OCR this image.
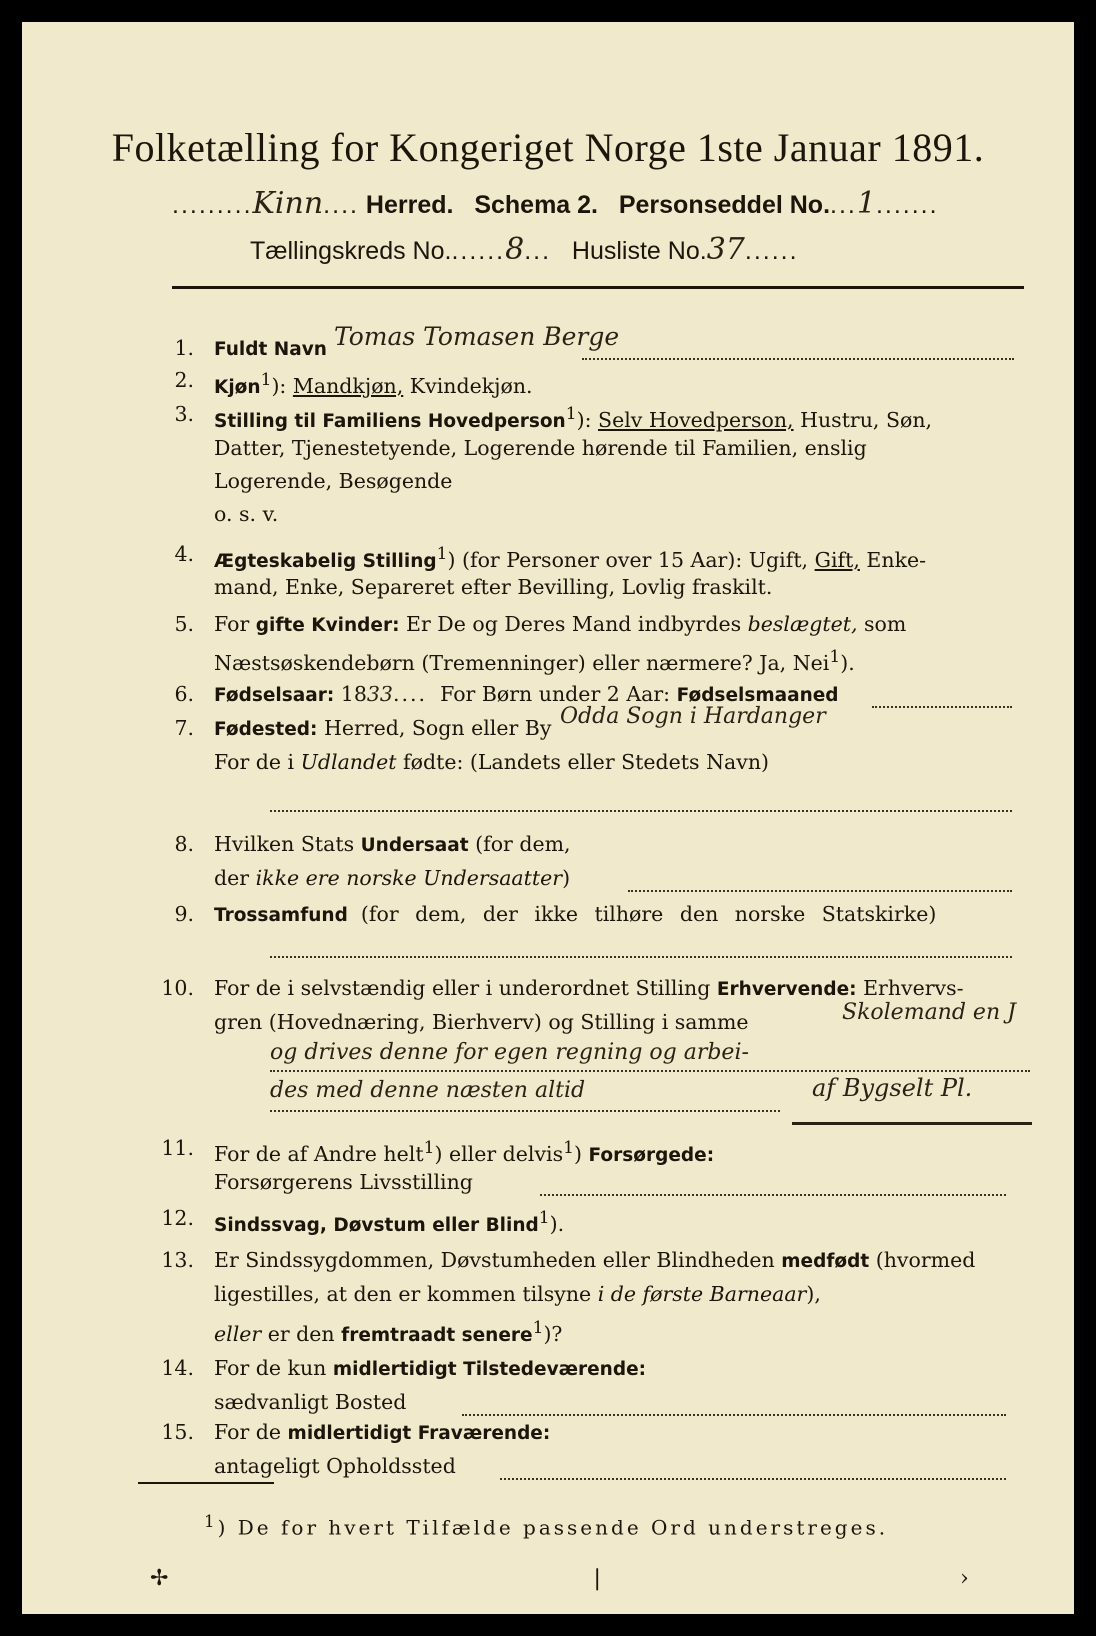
Folketælling for Kongeriget Norge 1ste Januar 1891.
.........Kinn.... Herred. Schema 2. Personseddel No....1.......
Tællingskreds No.......8... Husliste No.37......
1. Fuldt Navn Tomas Tomasen Berge
2. Kjøn$^1$): Mandkjøn, Kvindekjøn.
3. Stilling til Familiens Hovedperson$^1$): Selv Hovedperson, Hustru, Søn,
Datter, Tjenestetyende, Logerende hørende til Familien, enslig
Logerende, Besøgende
o. s. v.
4. Ægteskabelig Stilling$^1$) (for Personer over 15 Aar): Ugift, Gift, Enke-
mand, Enke, Separeret efter Bevilling, Lovlig fraskilt.
5. For gifte Kvinder: Er De og Deres Mand indbyrdes beslægtet, som
Næstsøskendebørn (Tremenninger) eller nærmere? Ja, Nei$^1$).
6. Fødselsaar: 1833.... For Børn under 2 Aar: Fødselsmaaned
7. Fødested: Herred, Sogn eller By Odda Sogn i Hardanger
For de i Udlandet fødte: (Landets eller Stedets Navn)
8. Hvilken Stats Undersaat (for dem,
der ikke ere norske Undersaatter)
9. Trossamfund (for dem, der ikke tilhøre den norske Statskirke)
10. For de i selvstændig eller i underordnet Stilling Erhvervende: Erhvervs-
gren (Hovednæring, Bierhverv) og Stilling i samme	Skolemand en J
og drives denne for egen regning og arbei-
des med denne næsten altid	af Bygselt Pl.
11. For de af Andre helt$^1$) eller delvis$^1$) Forsørgede:
Forsørgerens Livsstilling
12. Sindssvag, Døvstum eller Blind$^1$).
13. Er Sindssygdommen, Døvstumheden eller Blindheden medfødt (hvormed
ligestilles, at den er kommen tilsyne i de første Barneaar),
eller er den fremtraadt senere$^1$)?
14. For de kun midlertidigt Tilstedeværende:
sædvanligt Bosted
15. For de midlertidigt Fraværende:
antageligt Opholdssted
$^1$) De for hvert Tilfælde passende Ord understreges.
✢	❘	›
